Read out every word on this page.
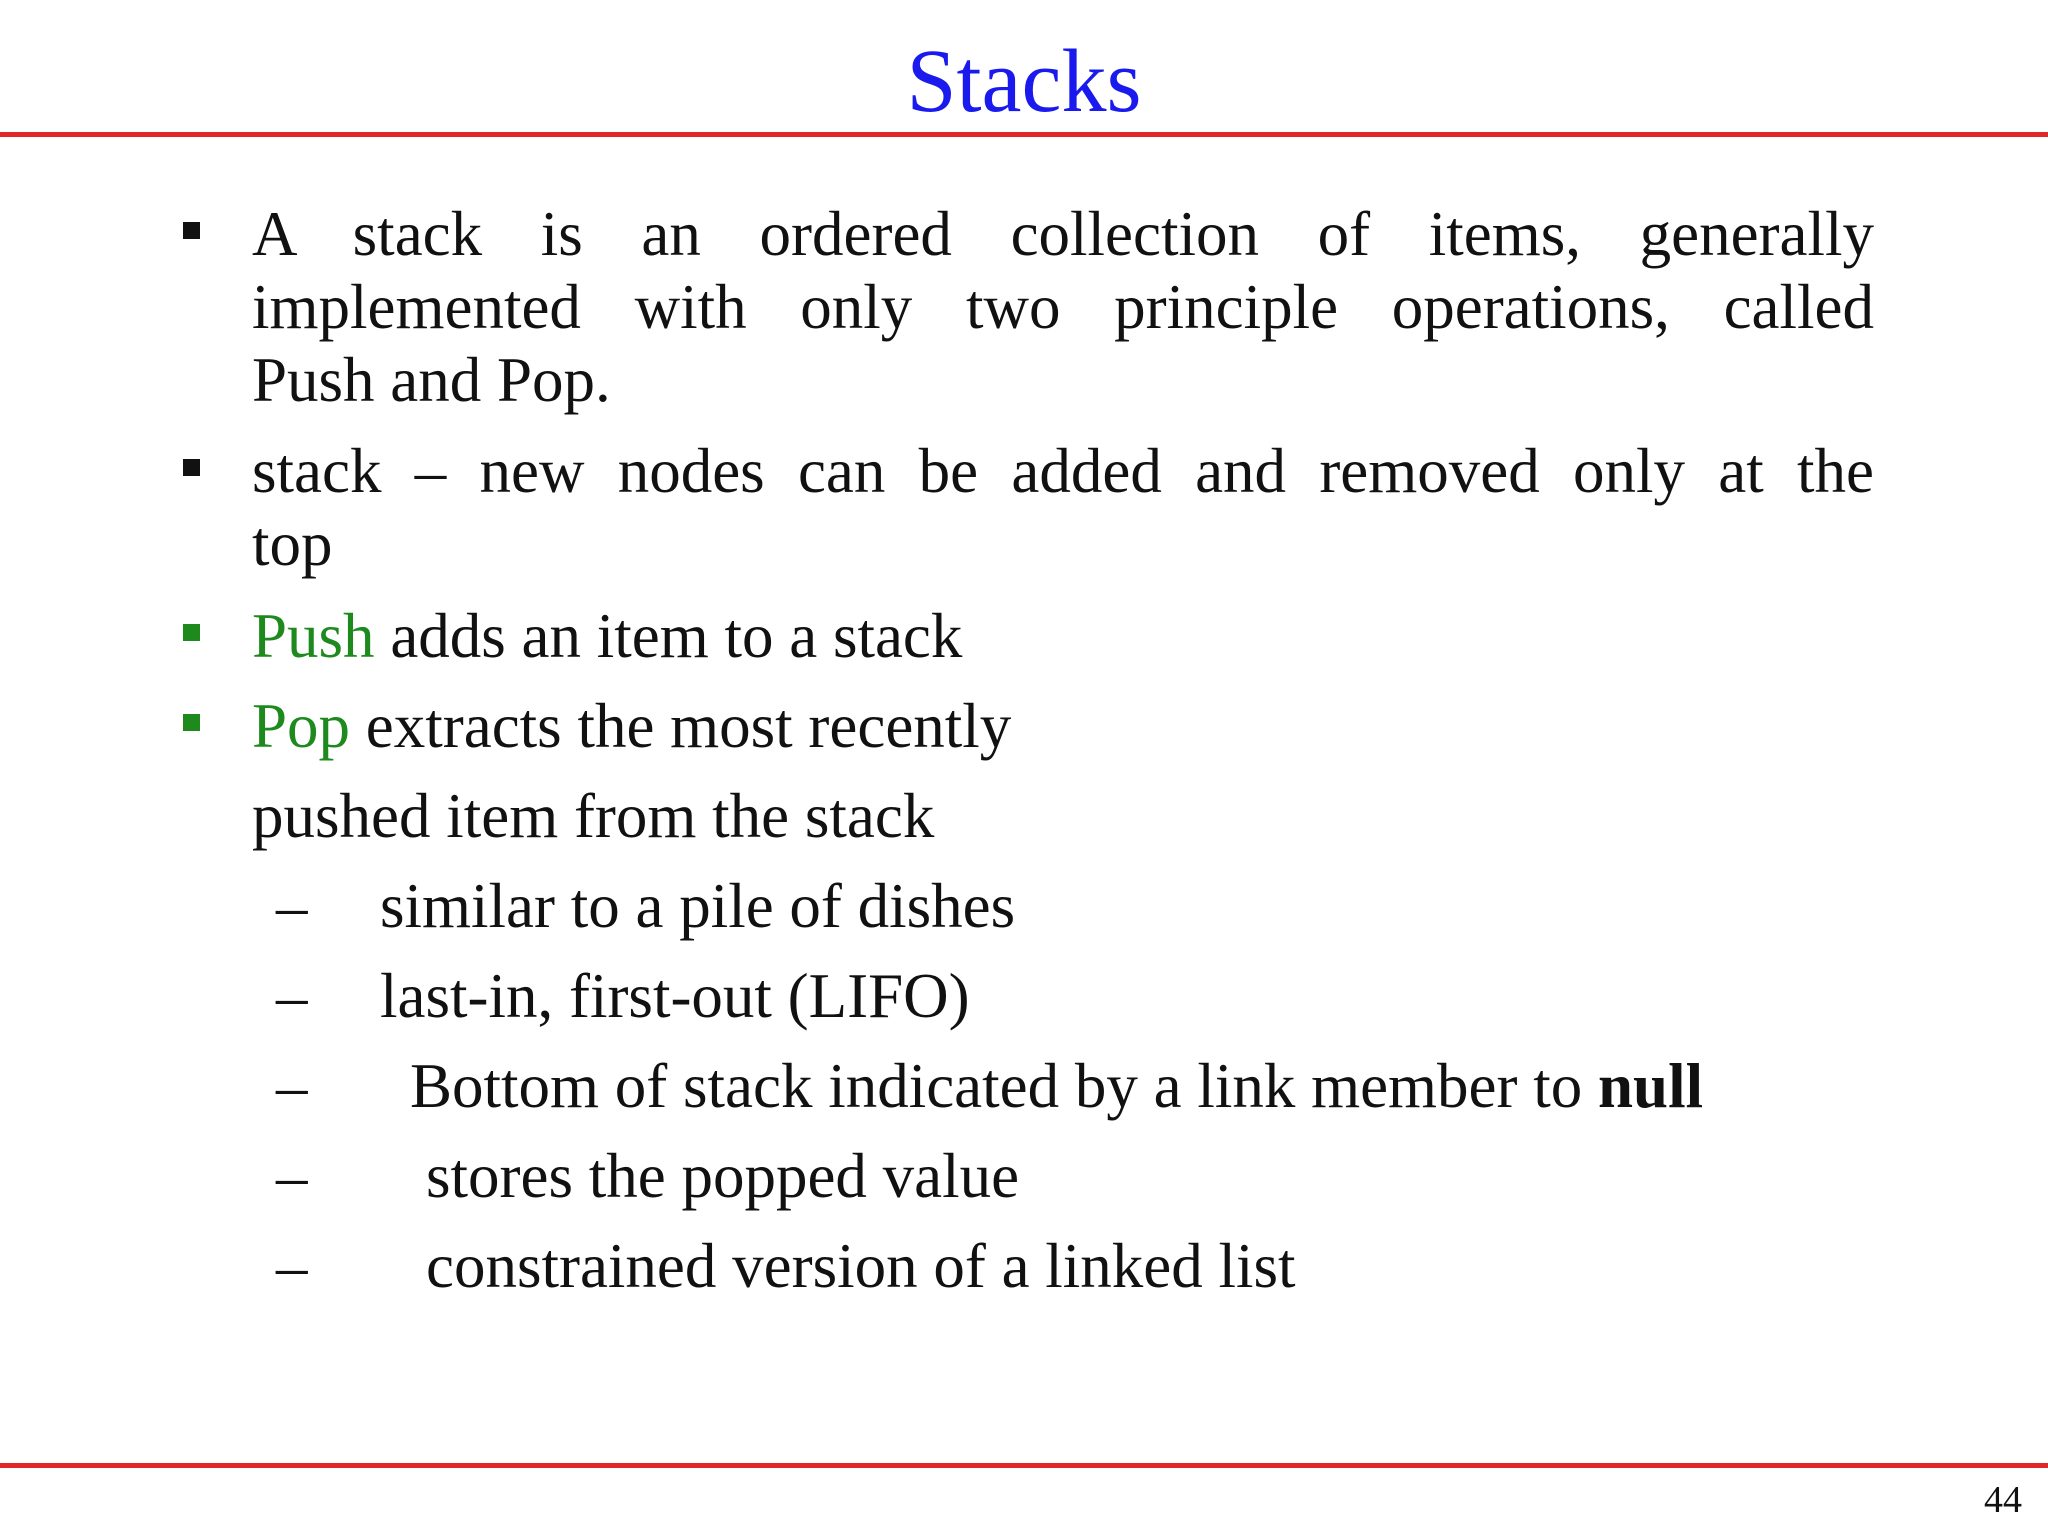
Stacks
A stack is an ordered collection of items, generally
implemented with only two principle operations, called
Push and Pop.
stack – new nodes can be added and removed only at the
top
Push adds an item to a stack
Pop extracts the most recently
pushed item from the stack
– similar to a pile of dishes
– last-in, first-out (LIFO)
– Bottom of stack indicated by a link member to null
– stores the popped value
– constrained version of a linked list
44
